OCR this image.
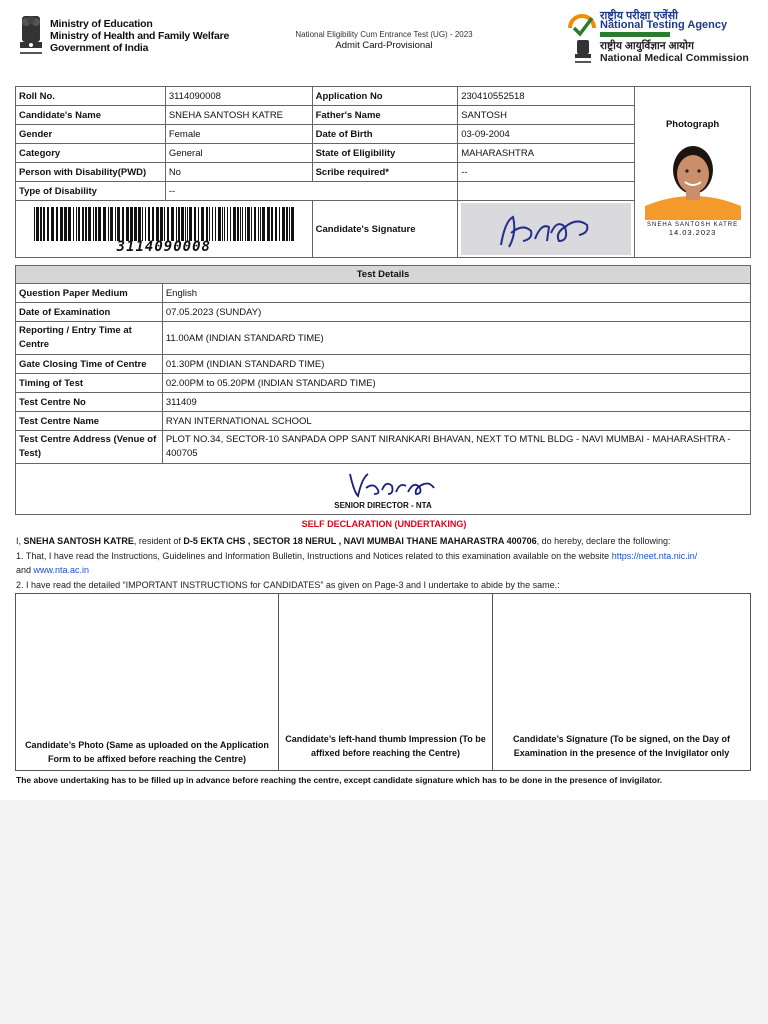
Ministry of Education
Ministry of Health and Family Welfare
Government of India
National Eligibility Cum Entrance Test (UG) - 2023
Admit Card-Provisional
राष्ट्रीय परीक्षा एजेंसी
National Testing Agency
राष्ट्रीय आयुर्विज्ञान आयोग
National Medical Commission
Roll No.	3114090008	Application No	230410552518	Photograph
SNEHA SANTOSH KATRE
14.03.2023

Candidate's Name	SNEHA SANTOSH KATRE	Father's Name	SANTOSH	
Gender	Female	Date of Birth	03-09-2004	
Category	General	State of Eligibility	MAHARASHTRA	
Person with Disability(PWD)	No	Scribe required*	--	
Type of Disability	--			

3114090008		Candidate's Signature	
Test Details	
Question Paper Medium	English
Date of Examination	07.05.2023 (SUNDAY)
Reporting / Entry Time at Centre	11.00AM (INDIAN STANDARD TIME)
Gate Closing Time of Centre	01.30PM (INDIAN STANDARD TIME)
Timing of Test	02.00PM to 05.20PM (INDIAN STANDARD TIME)
Test Centre No	311409
Test Centre Name	RYAN INTERNATIONAL SCHOOL
Test Centre Address (Venue of Test)	PLOT NO.34, SECTOR-10 SANPADA OPP SANT NIRANKARI BHAVAN, NEXT TO MTNL BLDG - NAVI MUMBAI - MAHARASHTRA - 400705
SENIOR DIRECTOR - NTA
SELF DECLARATION (UNDERTAKING)
I, SNEHA SANTOSH KATRE, resident of D-5 EKTA CHS , SECTOR 18 NERUL , NAVI MUMBAI THANE MAHARASTRA 400706, do hereby, declare the following:
1. That, I have read the Instructions, Guidelines and Information Bulletin, Instructions and Notices related to this examination available on the website https://neet.nta.nic.in/
and www.nta.ac.in
2. I have read the detailed “IMPORTANT INSTRUCTIONS for CANDIDATES” as given on Page-3 and I undertake to abide by the same.:
Candidate’s Photo (Same as uploaded on the Application Form to be affixed before reaching the Centre)
Candidate’s left-hand thumb Impression (To be affixed before reaching the Centre)
Candidate’s Signature (To be signed, on the Day of Examination in the presence of the Invigilator only
The above undertaking has to be filled up in advance before reaching the centre, except candidate signature which has to be done in the presence of invigilator.
